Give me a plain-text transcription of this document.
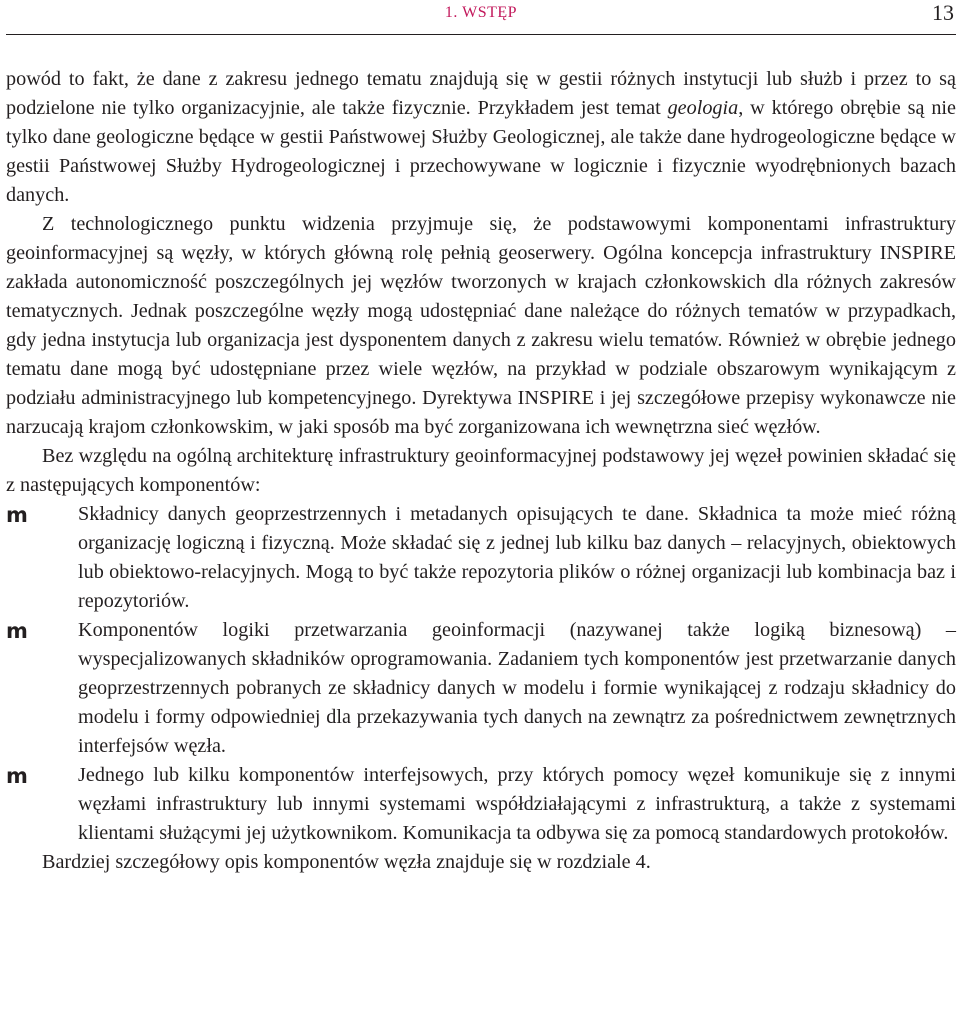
1. WSTĘP	13

powód to fakt, że dane z zakresu jednego tematu znajdują się w gestii różnych instytucji lub służb i przez to są podzielone nie tylko organizacyjnie, ale także fizycznie. Przykładem jest temat geologia, w którego obrębie są nie tylko dane geologiczne będące w gestii Państwowej Służby Geologicznej, ale także dane hydrogeologiczne będące w gestii Państwowej Służby Hydrogeologicznej i przechowywane w logicznie i fizycznie wyodrębnionych bazach danych.

Z technologicznego punktu widzenia przyjmuje się, że podstawowymi komponentami infrastruktury geoinformacyjnej są węzły, w których główną rolę pełnią geoserwery. Ogólna koncepcja infrastruktury INSPIRE zakłada autonomiczność poszczególnych jej węzłów tworzonych w krajach członkowskich dla różnych zakresów tematycznych. Jednak poszczególne węzły mogą udostępniać dane należące do różnych tematów w przypadkach, gdy jedna instytucja lub organizacja jest dysponentem danych z zakresu wielu tematów. Również w obrębie jednego tematu dane mogą być udostępniane przez wiele węzłów, na przykład w podziale obszarowym wynikającym z podziału administracyjnego lub kompetencyjnego. Dyrektywa INSPIRE i jej szczegółowe przepisy wykonawcze nie narzucają krajom członkowskim, w jaki sposób ma być zorganizowana ich wewnętrzna sieć węzłów.

Bez względu na ogólną architekturę infrastruktury geoinformacyjnej podstawowy jej węzeł powinien składać się z następujących komponentów:

m Składnicy danych geoprzestrzennych i metadanych opisujących te dane. Składnica ta może mieć różną organizację logiczną i fizyczną. Może składać się z jednej lub kilku baz danych – relacyjnych, obiektowych lub obiektowo-relacyjnych. Mogą to być także repozytoria plików o różnej organizacji lub kombinacja baz i repozytoriów.
m Komponentów logiki przetwarzania geoinformacji (nazywanej także logiką biznesową) – wyspecjalizowanych składników oprogramowania. Zadaniem tych komponentów jest przetwarzanie danych geoprzestrzennych pobranych ze składnicy danych w modelu i formie wynikającej z rodzaju składnicy do modelu i formy odpowiedniej dla przekazywania tych danych na zewnątrz za pośrednictwem zewnętrznych interfejsów węzła.
m Jednego lub kilku komponentów interfejsowych, przy których pomocy węzeł komunikuje się z innymi węzłami infrastruktury lub innymi systemami współdziałającymi z infrastrukturą, a także z systemami klientami służącymi jej użytkownikom. Komunikacja ta odbywa się za pomocą standardowych protokołów.

Bardziej szczegółowy opis komponentów węzła znajduje się w rozdziale 4.
